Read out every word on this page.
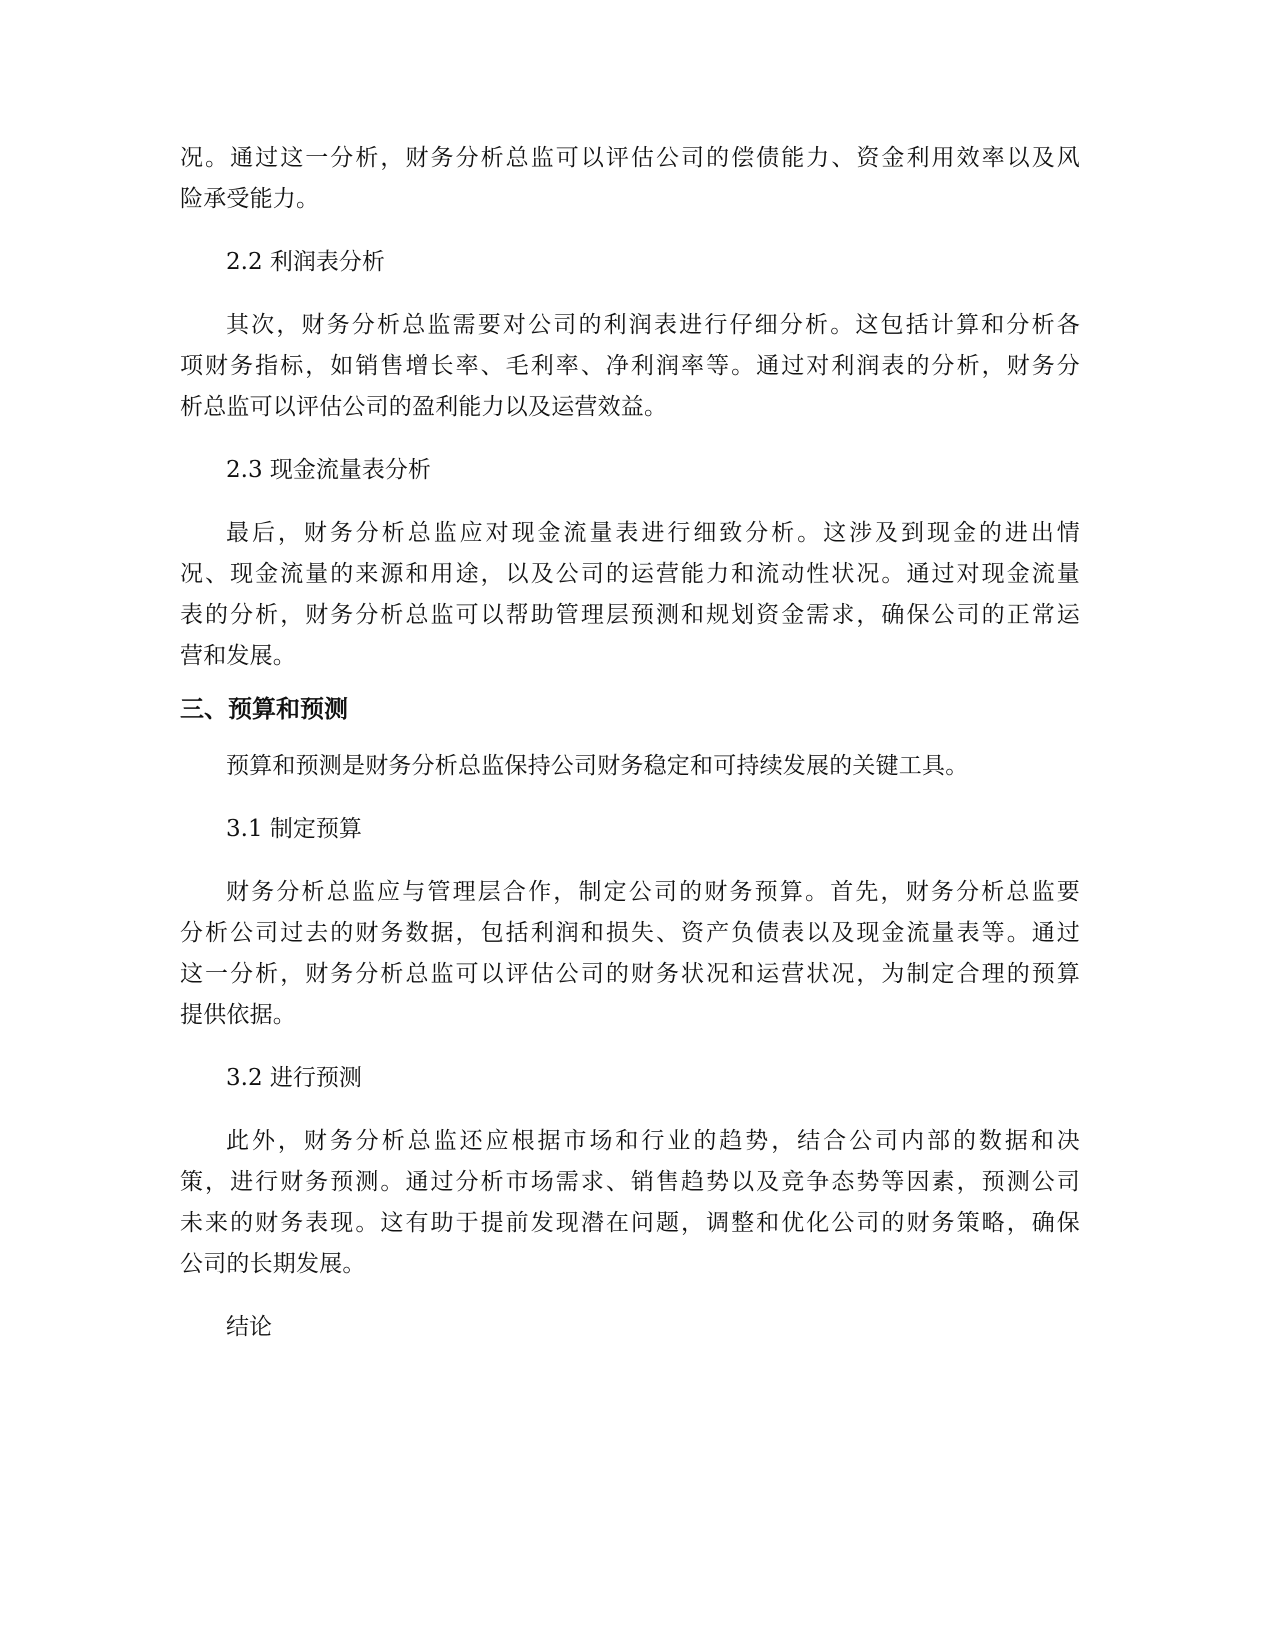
况。通过这一分析，财务分析总监可以评估公司的偿债能力、资金利用效率以及风
险承受能力。
2.2 利润表分析
其次，财务分析总监需要对公司的利润表进行仔细分析。这包括计算和分析各
项财务指标，如销售增长率、毛利率、净利润率等。通过对利润表的分析，财务分
析总监可以评估公司的盈利能力以及运营效益。
2.3 现金流量表分析
最后，财务分析总监应对现金流量表进行细致分析。这涉及到现金的进出情
况、现金流量的来源和用途，以及公司的运营能力和流动性状况。通过对现金流量
表的分析，财务分析总监可以帮助管理层预测和规划资金需求，确保公司的正常运
营和发展。
三、预算和预测
预算和预测是财务分析总监保持公司财务稳定和可持续发展的关键工具。
3.1 制定预算
财务分析总监应与管理层合作，制定公司的财务预算。首先，财务分析总监要
分析公司过去的财务数据，包括利润和损失、资产负债表以及现金流量表等。通过
这一分析，财务分析总监可以评估公司的财务状况和运营状况，为制定合理的预算
提供依据。
3.2 进行预测
此外，财务分析总监还应根据市场和行业的趋势，结合公司内部的数据和决
策，进行财务预测。通过分析市场需求、销售趋势以及竞争态势等因素，预测公司
未来的财务表现。这有助于提前发现潜在问题，调整和优化公司的财务策略，确保
公司的长期发展。
结论
